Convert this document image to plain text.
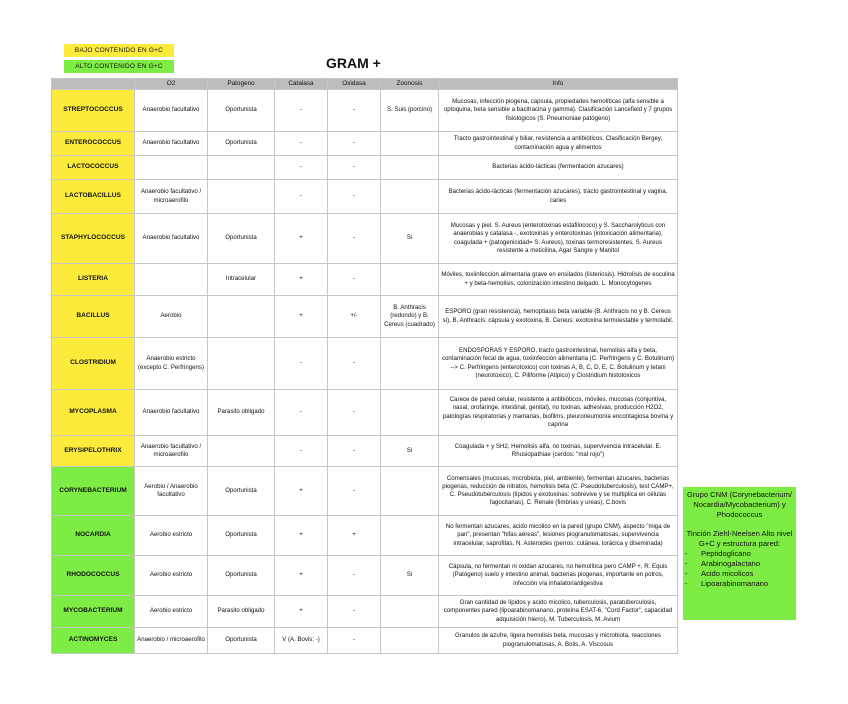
BAJO CONTENIDO EN G+C
ALTO CONTENIDO EN G+C	GRAM +
	O2	Patogeno	Catalasa	Oxidasa	Zoonosis	Info
STREPTOCOCCUS	Anaerobio facultativo	Oportunista	-	-	S. Suis (porcino)	Mucosas, infección piogena, capsula, propiedades hemolíticas (alfa sensible a optoquina, beta sensible a bacitracina y gamma). Clasificación Lancefield y 7 grupos fisiológicos (S. Pneumoniae patógeno)
ENTEROCOCCUS	Anaerobio facultativo	Oportunista	-	-		Tracto gastrointestinal y biliar, resistencia a antibióticos. Clasificación Bergey, contaminación agua y alimentos
LACTOCOCCUS			-	-		Bacterias ácido-lácticas (fermentación azucares)
LACTOBACILLUS	Anaerobio facultativo / microaerofilo		-	-		Bacterias ácido-lácticas (fermentación azucares), tracto gastrointestinal y vagina, caries
STAPHYLOCOCCUS	Anaerobio facultativo	Oportunista	+	-	Si	Mucosas y piel. S. Aureus (enterotoxinas estafilococo) y S. Saccharolyticus con anaerobias y catalasa -, exotoxinas y enterotoxinas (intoxicación alimentaria), coagulada + (patogenicidad= S. Aureus), toxinas termoresistentes, S. Aureus resistente a meticilina, Agar Sangre y Manitol
LISTERIA		Intracelular	+	-		Móviles, toxiinfeccion alimentaria grave en ensilados (listeriosis). Hidrolisis de esculina + y beta-hemolisis, colonización intestino delgado. L. Monocytogenes
BACILLUS	Aerobio		+	+/-	B. Anthracis (redondo) y B. Cereus (cuadrado)	ESPORO (gran resistencia), hemoptiasis beta variable (B. Anthracis no y B. Cereus si), B. Anthracis: cápsula y exotoxina, B. Cereus: exotoxina termoestable y termolabil.
CLOSTRIDIUM	Anaerobio estricto (excepto C. Perfringens)		-	-		ENDOSPORAS Y ESPORO, tracto gastrointestinal, hemolisis alfa y beta, contaminación fecal de agua, toxiinfección alimentaria (C. Perfringens y C. Botulinum) --> C. Perfringens (enterotoxico) con toxinas A, B, C, D, E, C. Botulinum y tetani (neurotoxico), C. Piliforme (Atipico) y Clostridium histotoxicos
MYCOPLASMA	Anaerobio facultativo	Parasito obligado	-	-		Carece de pared celular, resistente a antibióticos, móviles, mucosas (conjuntiva, nasal, orofaringe, intestinal, genital), no toxinas, adhesivas, producción H2O2, patologías respiratorias y mamarias, biofilms, pleuroneumonía encontagiosa bovina y caprina
ERYSIPELOTHRIX	Anaerobio facultativo / microaerofilo		-	-	Si	Coagulada + y SH2, Hemolisis alfa, no toxinas, supervivencia intracelular. E. Rhusiopathiae (cerdos: "mal rojo")
CORYNEBACTERIUM	Aerobio / Anaerobio facultativo	Oportunista	+	-		Comensales (mucosas, microbiota, piel, ambiente), fermentan azucares, bacterias piogenas, reducción de nitratos, hemolisis beta (C. Pseudotuberculosis), test CAMP+, C. Pseudotuberculosis (lípidos y exotoxinas: sobrevive y se multiplica en células fagocitarias), C. Renale (fimbrias y ureas), C.bovis
NOCARDIA	Aerobio estricto	Oportunista	+	+		No fermentan azucares, acido micolico en la pared (grupo CNM), aspecto "miga de pan", presentan "hifas aéreas", lesiones piogranulomatosas, supervivencia intracelular, saprofitas, N. Asteroides (perros: cutánea, torácica y diseminada)
RHODOCOCCUS	Aerobio estricto	Oportunista	+	-	Si	Cápsula, no fermentan ni oxidan azucares, no hemolítica pero CAMP +, R. Equis (Patógeno) suelo y intestino animal, bacterias piogenas, importante en potros, infección vía inhalatoria/digestiva
MYCOBACTERIUM	Aerobio estricto	Parasito obligado	+	-		Gran cantidad de lípidos y acido micolico, tuberculosis, paratuberculosis, componentes pared (lipoarabinomanano, proteína ESAT-6, "Cord Factor", capacidad adquisición hierro), M. Tuberculosis, M. Avium
ACTINOMYCES	Anaerobio / microaerofilo	Oportunista	V (A. Bovis: -)	-		Granulos de azufre, ligera hemolisis beta, mucosas y microbiota, reacciones piogranulomatosas, A. Bolis, A. Viscosus
Grupo CNM (Corynebacterium/ Nocardia/Mycobacterium) y Phodococcus
Tinción Ziehl-Neelsen Alto nivel G+C y estructura pared:
-	Peptidoglicano
-	Arabinogalactano
-	Acido micolicos
-	Lipoarabinomanano
